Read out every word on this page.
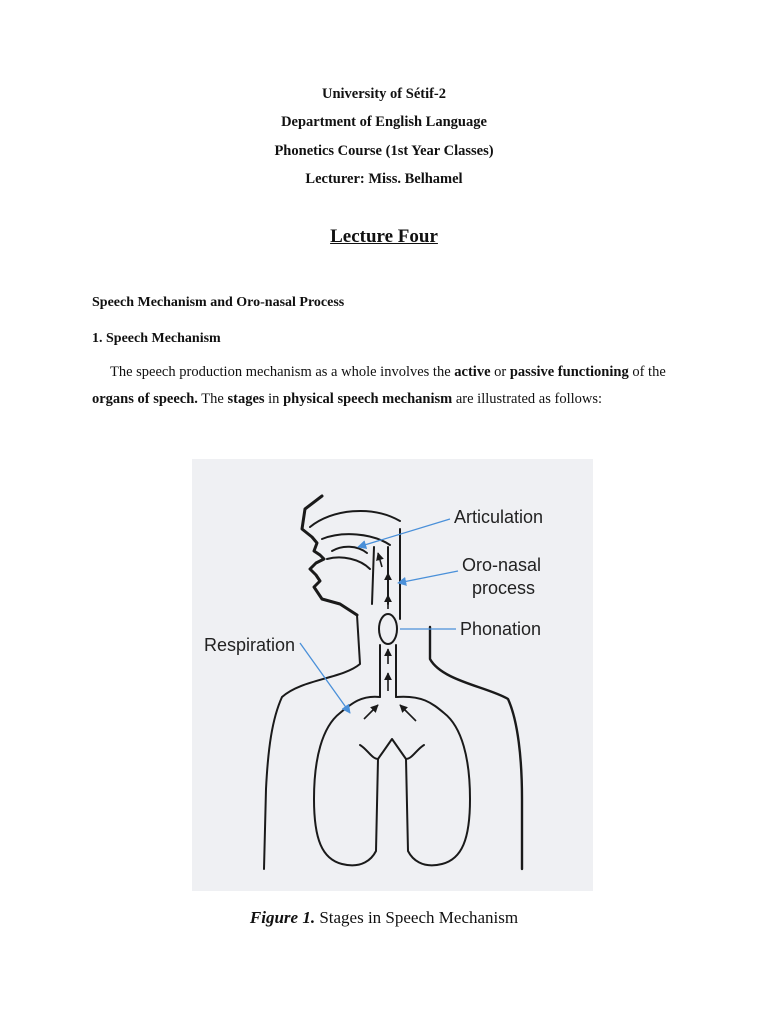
University of Sétif-2
Department of English Language
Phonetics Course (1st Year Classes)
Lecturer: Miss. Belhamel
Lecture Four
Speech Mechanism and Oro-nasal Process
1. Speech Mechanism
The speech production mechanism as a whole involves the active or passive functioning of the organs of speech. The stages in physical speech mechanism are illustrated as follows:
Articulation
Oro-nasal
process
Phonation
Respiration
Figure 1. Stages in Speech Mechanism
